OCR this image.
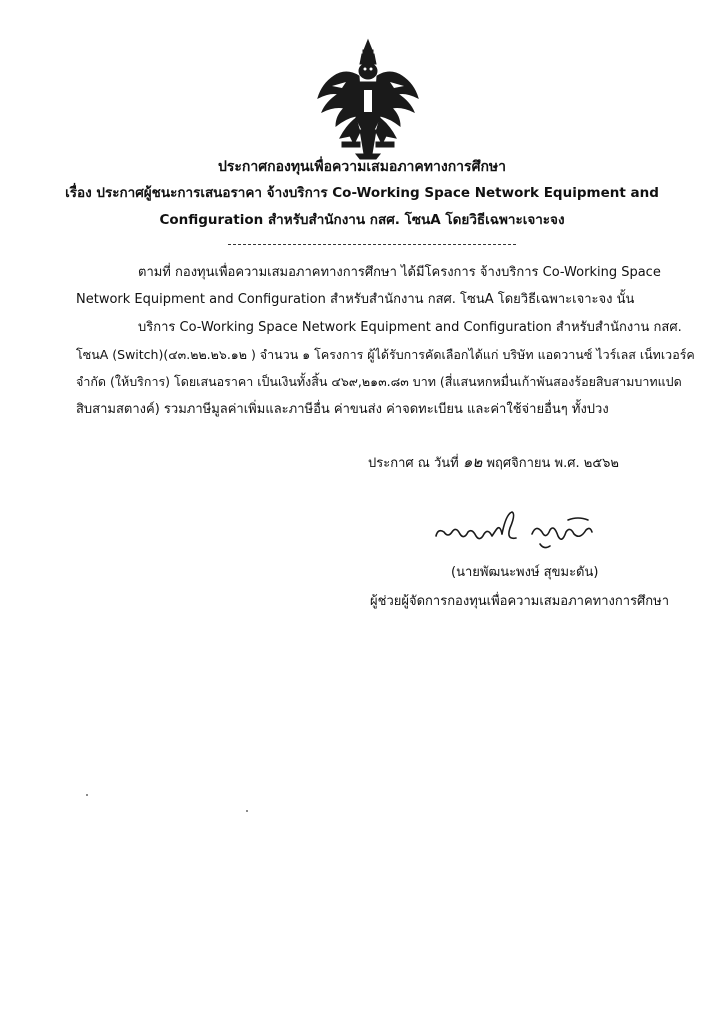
ประกาศกองทุนเพื่อความเสมอภาคทางการศึกษา
เรื่อง ประกาศผู้ชนะการเสนอราคา จ้างบริการ Co-Working Space Network Equipment and
Configuration สำหรับสำนักงาน กสศ. โซนA โดยวิธีเฉพาะเจาะจง
ตามที่ กองทุนเพื่อความเสมอภาคทางการศึกษา ได้มีโครงการ จ้างบริการ Co-Working Space
Network Equipment and Configuration สำหรับสำนักงาน กสศ. โซนA โดยวิธีเฉพาะเจาะจง นั้น
บริการ Co-Working Space Network Equipment and Configuration สำหรับสำนักงาน กสศ.
โซนA (Switch)(๔๓.๒๒.๒๖.๑๒ ) จำนวน ๑ โครงการ ผู้ได้รับการคัดเลือกได้แก่ บริษัท แอดวานซ์ ไวร์เลส เน็ทเวอร์ค
จำกัด (ให้บริการ) โดยเสนอราคา เป็นเงินทั้งสิ้น ๔๖๙,๒๑๓.๘๓ บาท (สี่แสนหกหมื่นเก้าพันสองร้อยสิบสามบาทแปด
สิบสามสตางค์) รวมภาษีมูลค่าเพิ่มและภาษีอื่น ค่าขนส่ง ค่าจดทะเบียน และค่าใช้จ่ายอื่นๆ ทั้งปวง
ประกาศ ณ วันที่ ๑๒ พฤศจิกายน พ.ศ. ๒๕๖๒
(นายพัฒนะพงษ์ สุขมะดัน)
ผู้ช่วยผู้จัดการกองทุนเพื่อความเสมอภาคทางการศึกษา
